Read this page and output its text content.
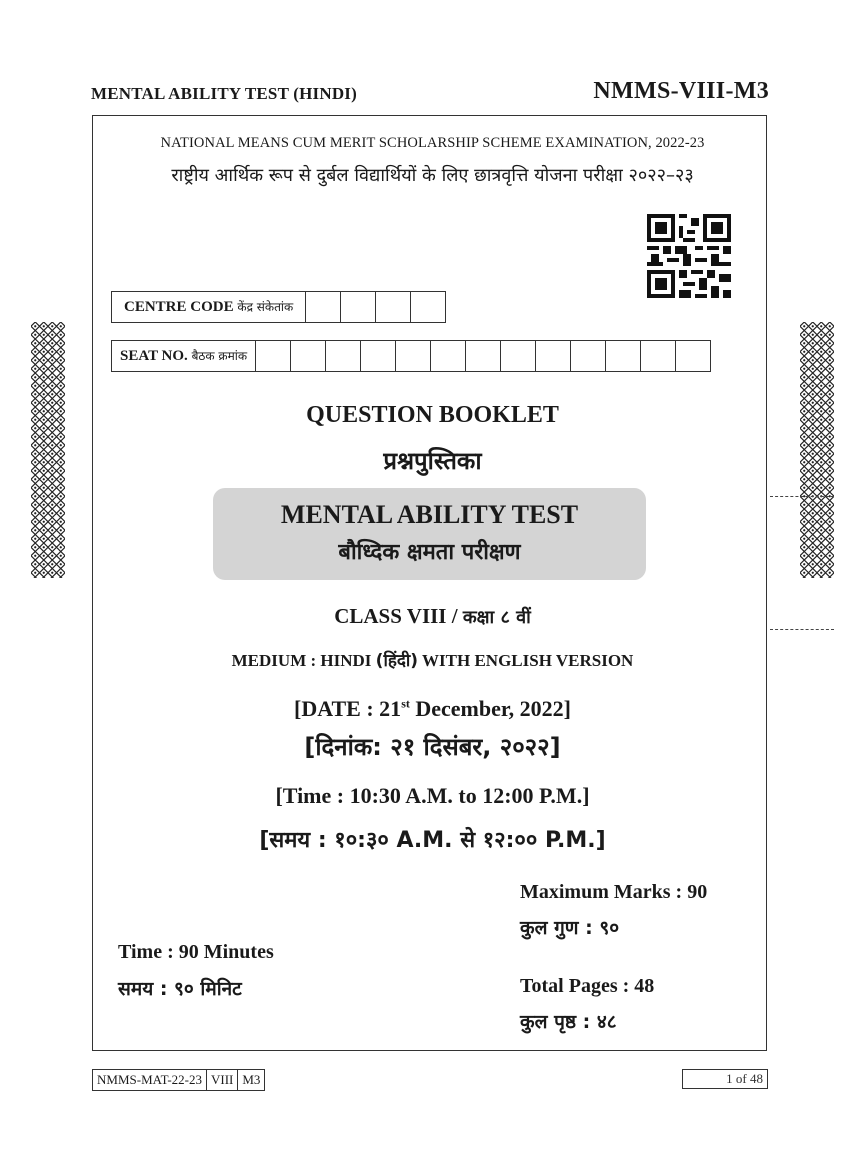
MENTAL ABILITY TEST (HINDI)	NMMS-VIII-M3
NATIONAL MEANS CUM MERIT SCHOLARSHIP SCHEME EXAMINATION, 2022-23
राष्ट्रीय आर्थिक रूप से दुर्बल विद्यार्थियों के लिए छात्रवृत्ति योजना परीक्षा २०२२–२३
CENTRE CODE केंद्र संकेतांक				
SEAT NO. बैठक क्रमांक													
QUESTION BOOKLET
प्रश्नपुस्तिका
MENTAL ABILITY TEST
बौध्दिक क्षमता परीक्षण
CLASS VIII / कक्षा ८ वीं
MEDIUM : HINDI (हिंदी) WITH ENGLISH VERSION
[DATE : 21st December, 2022]
[दिनांक: २१ दिसंबर, २०२२]
[Time : 10:30 A.M. to 12:00 P.M.]
[समय : १०:३० A.M. से १२:०० P.M.]
Maximum Marks : 90
कुल गुण : ९०
Time : 90 Minutes
समय : ९० मिनिट	Total Pages : 48
कुल पृष्ठ : ४८
NMMS-MAT-22-23	VIII	M3	1 of 48
